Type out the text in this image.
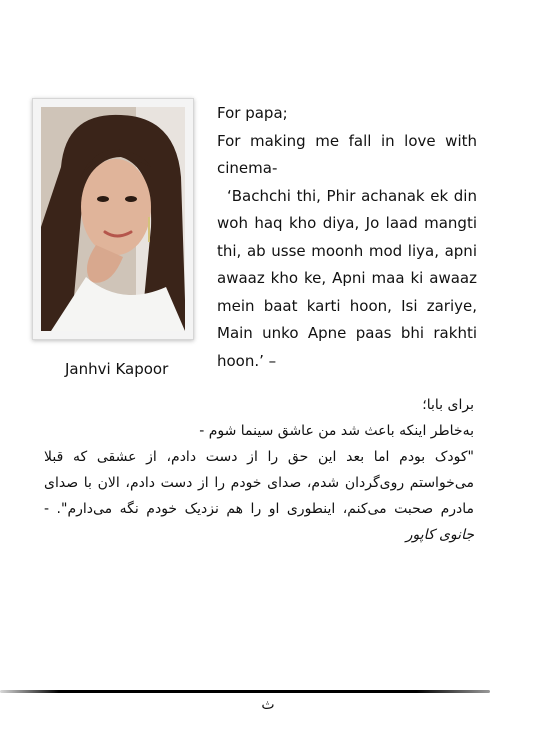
Janhvi Kapoor

For papa;

For making me fall in love with cinema-

‘Bachchi thi, Phir achanak ek din woh haq kho diya, Jo laad mangti thi, ab usse moonh mod liya, apni awaaz kho ke, Apni maa ki awaaz mein baat karti hoon, Isi zariye, Main unko Apne paas bhi rakhti hoon.’ –

برای بابا؛

به‌خاطر اینکه باعث شد من عاشق سینما شوم -

"کودک بودم اما بعد این حق را از دست دادم، از عشقی که قبلا می‌خواستم روی‌گردان شدم، صدای خودم را از دست دادم، الان با صدای مادرم صحبت می‌کنم، اینطوری او را هم نزدیک خودم نگه می‌دارم". - جانوی کاپور

ث
